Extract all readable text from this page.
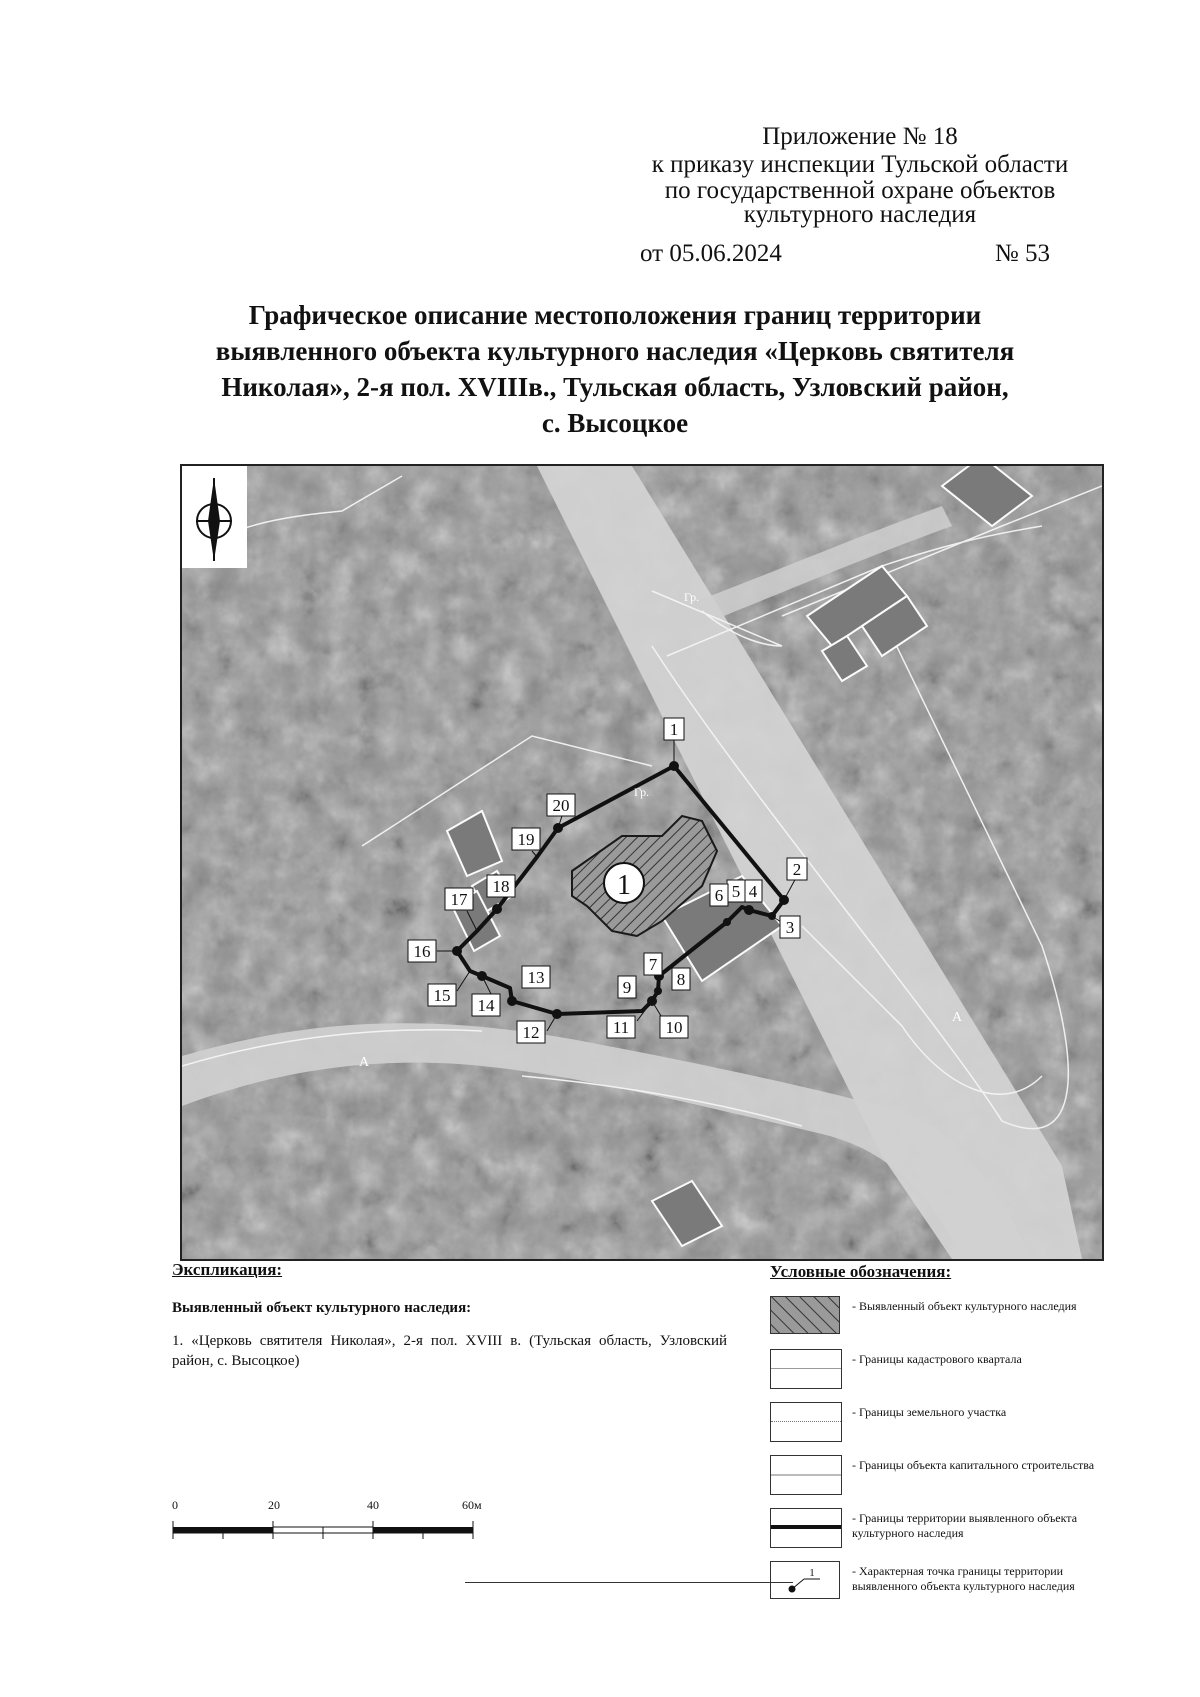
Приложение № 18
к приказу инспекции Тульской области
по государственной охране объектов
культурного наследия
от 05.06.2024	№ 53
Графическое описание местоположения границ территории
выявленного объекта культурного наследия «Церковь святителя
Николая», 2-я пол. XVIIIв., Тульская область, Узловский район,
с. Высоцкое
1
1
2
3
4
5
6
7
8
9
10
11
12
13
14
15
16
17
18
19
20
А
А
Гр.
Гр.
Экспликация:
Выявленный объект культурного наследия:
1. «Церковь святителя Николая», 2-я пол. XVIII в. (Тульская область, Узловский район, с. Высоцкое)
0	20	40	60м
Условные обозначения:
- Выявленный объект культурного наследия
- Границы кадастрового квартала
- Границы земельного участка
- Границы объекта капитального строительства
- Границы территории выявленного объекта культурного наследия
1	- Характерная точка границы территории выявленного объекта культурного наследия
